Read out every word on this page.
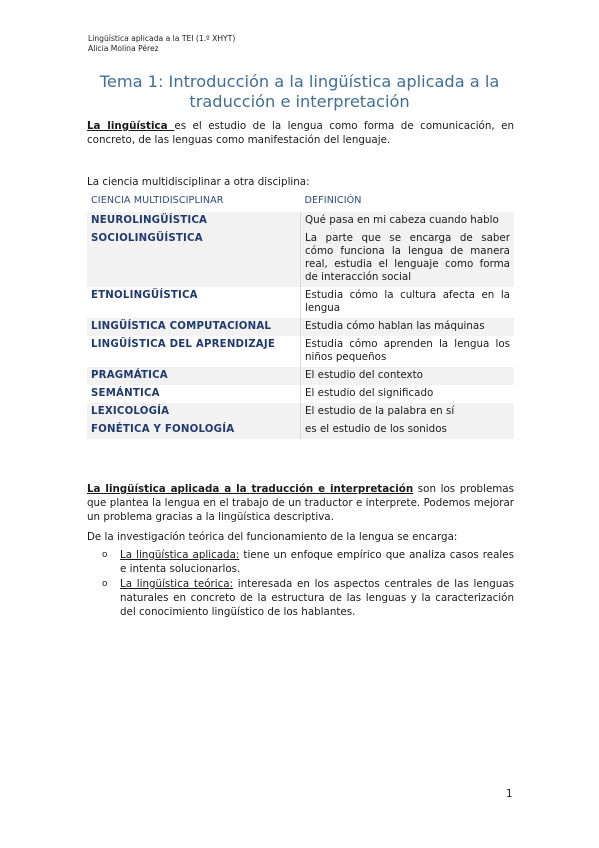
Lingüística aplicada a la TEI (1.º XHYT)
Alicia Molina Pérez
Tema 1: Introducción a la lingüística aplicada a la traducción e interpretación
La lingüística es el estudio de la lengua como forma de comunicación, en concreto, de las lenguas como manifestación del lenguaje.
La ciencia multidisciplinar a otra disciplina:
CIENCIA MULTIDISCIPLINAR	DEFINICIÓN
NEUROLINGÜÍSTICA	Qué pasa en mi cabeza cuando hablo
SOCIOLINGÜÍSTICA	La parte que se encarga de saber cómo funciona la lengua de manera real, estudia el lenguaje como forma de interacción social
ETNOLINGÜÍSTICA	Estudia cómo la cultura afecta en la lengua
LINGÜÍSTICA COMPUTACIONAL	Estudia cómo hablan las máquinas
LINGÜÍSTICA DEL APRENDIZAJE	Estudia cómo aprenden la lengua los niños pequeños
PRAGMÁTICA	El estudio del contexto
SEMÁNTICA	El estudio del significado
LEXICOLOGÍA	El estudio de la palabra en sí
FONÉTICA Y FONOLOGÍA	es el estudio de los sonidos
La lingüística aplicada a la traducción e interpretación son los problemas que plantea la lengua en el trabajo de un traductor e interprete. Podemos mejorar un problema gracias a la lingüística descriptiva.
De la investigación teórica del funcionamiento de la lengua se encarga:
o La lingüística aplicada: tiene un enfoque empírico que analiza casos reales e intenta solucionarlos.
o La lingüística teórica: interesada en los aspectos centrales de las lenguas naturales en concreto de la estructura de las lenguas y la caracterización del conocimiento lingüístico de los hablantes.
1
